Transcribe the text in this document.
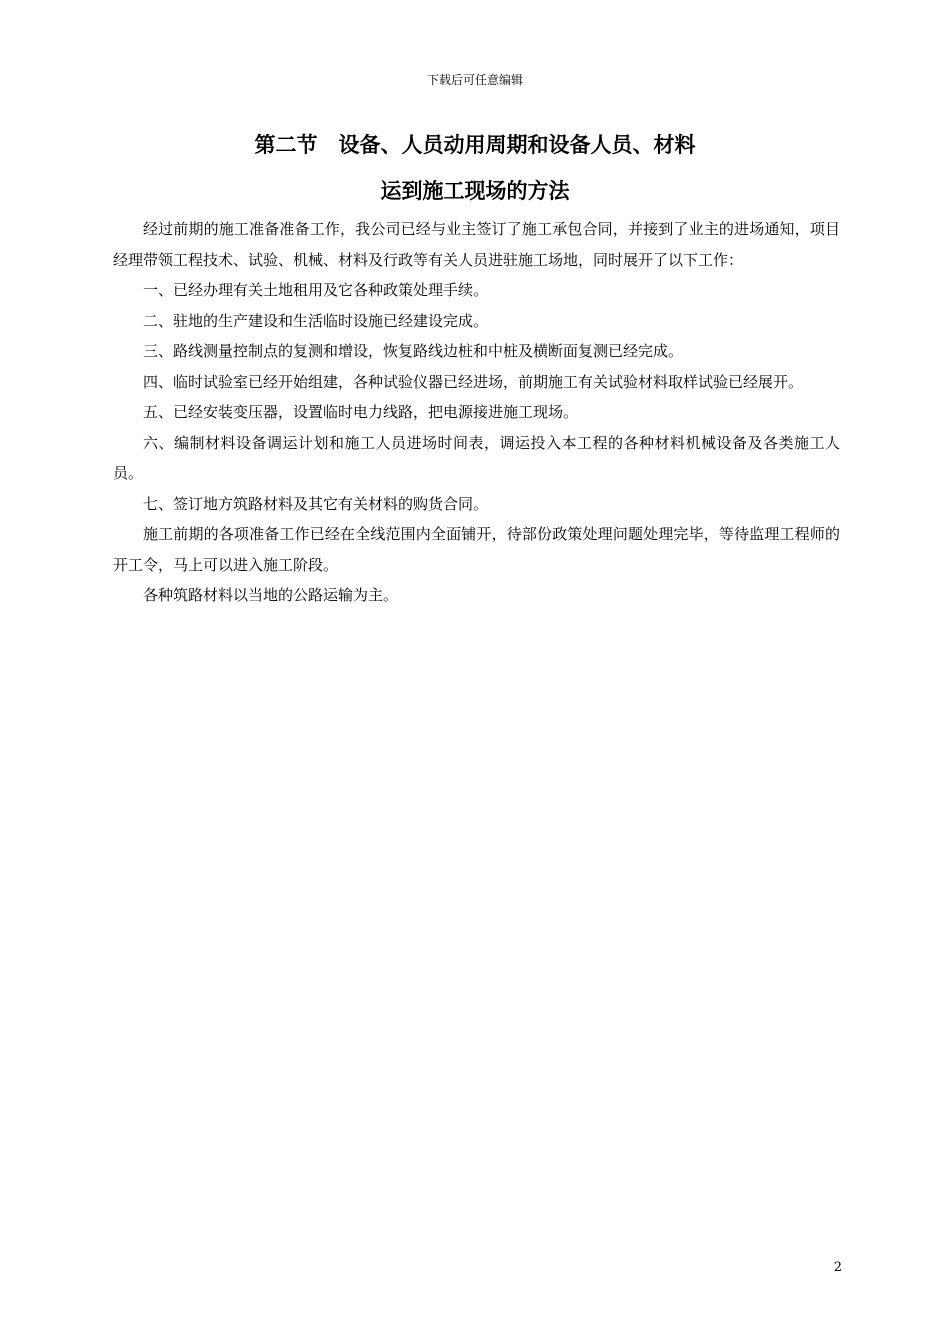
下载后可任意编辑
第二节　设备、人员动用周期和设备人员、材料
运到施工现场的方法

经过前期的施工准备准备工作，我公司已经与业主签订了施工承包合同，并接到了业主的进场通知，项目经理带领工程技术、试验、机械、材料及行政等有关人员进驻施工场地，同时展开了以下工作：

一、已经办理有关土地租用及它各种政策处理手续。

二、驻地的生产建设和生活临时设施已经建设完成。

三、路线测量控制点的复测和增设，恢复路线边桩和中桩及横断面复测已经完成。

四、临时试验室已经开始组建，各种试验仪器已经进场，前期施工有关试验材料取样试验已经展开。

五、已经安装变压器，设置临时电力线路，把电源接进施工现场。

六、编制材料设备调运计划和施工人员进场时间表，调运投入本工程的各种材料机械设备及各类施工人员。

七、签订地方筑路材料及其它有关材料的购货合同。

施工前期的各项准备工作已经在全线范围内全面铺开，待部份政策处理问题处理完毕，等待监理工程师的开工令，马上可以进入施工阶段。

各种筑路材料以当地的公路运输为主。

2
